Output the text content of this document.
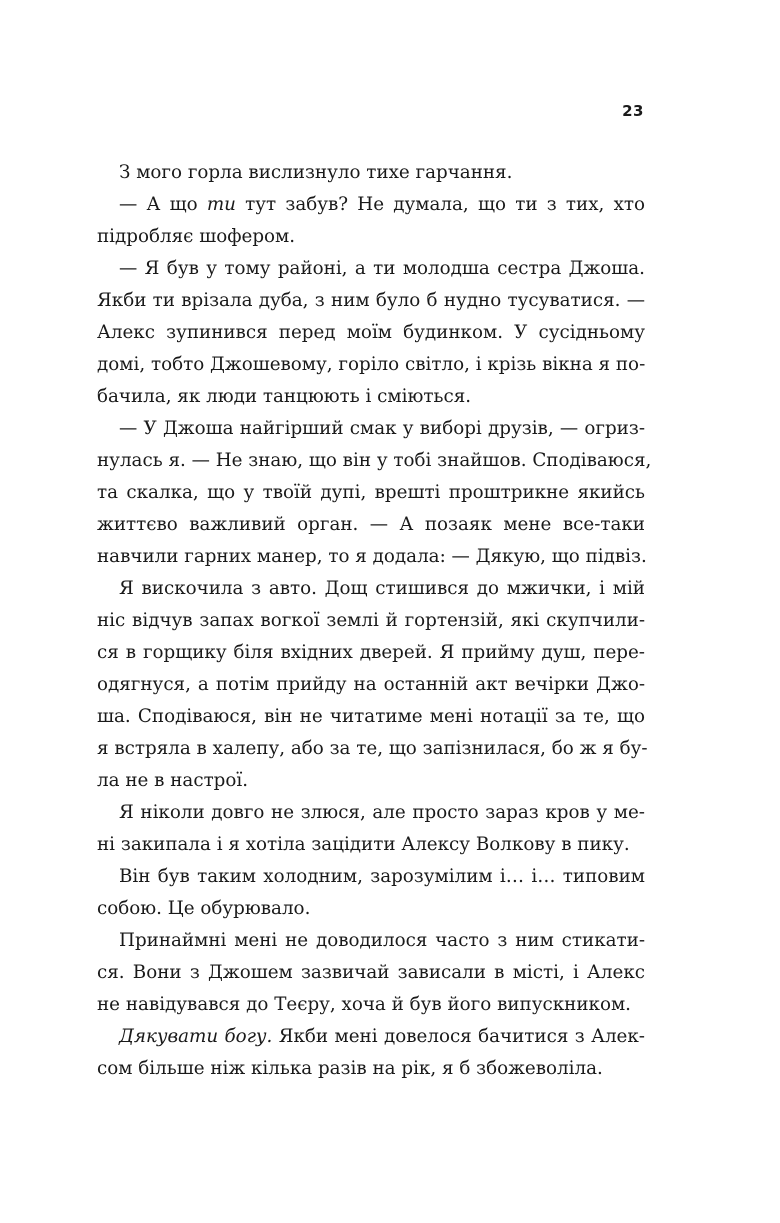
23
З мого горла вислизнуло тихе гарчання.
— А що ти тут забув? Не думала, що ти з тих, хто
підробляє шофером.
— Я був у тому районі, а ти молодша сестра Джоша.
Якби ти врізала дуба, з ним було б нудно тусуватися. —
Алекс зупинився перед моїм будинком. У сусідньому
домі, тобто Джошевому, горіло світло, і крізь вікна я по-
бачила, як люди танцюють і сміються.
— У Джоша найгірший смак у виборі друзів, — огриз-
нулась я. — Не знаю, що він у тобі знайшов. Сподіваюся,
та скалка, що у твоїй дупі, врешті проштрикне якийсь
життєво важливий орган. — А позаяк мене все-таки
навчили гарних манер, то я додала: — Дякую, що підвіз.
Я вискочила з авто. Дощ стишився до мжички, і мій
ніс відчув запах вогкої землі й гортензій, які скупчили-
ся в горщику біля вхідних дверей. Я прийму душ, пере-
одягнуся, а потім прийду на останній акт вечірки Джо-
ша. Сподіваюся, він не читатиме мені нотації за те, що
я встряла в халепу, або за те, що запізнилася, бо ж я бу-
ла не в настрої.
Я ніколи довго не злюся, але просто зараз кров у ме-
ні закипала і я хотіла зацідити Алексу Волкову в пику.
Він був таким холодним, зарозумілим і… і… типовим
собою. Це обурювало.
Принаймні мені не доводилося часто з ним стикати-
ся. Вони з Джошем зазвичай зависали в місті, і Алекс
не навідувався до Теєру, хоча й був його випускником.
Дякувати богу. Якби мені довелося бачитися з Алек-
сом більше ніж кілька разів на рік, я б збожеволіла.
